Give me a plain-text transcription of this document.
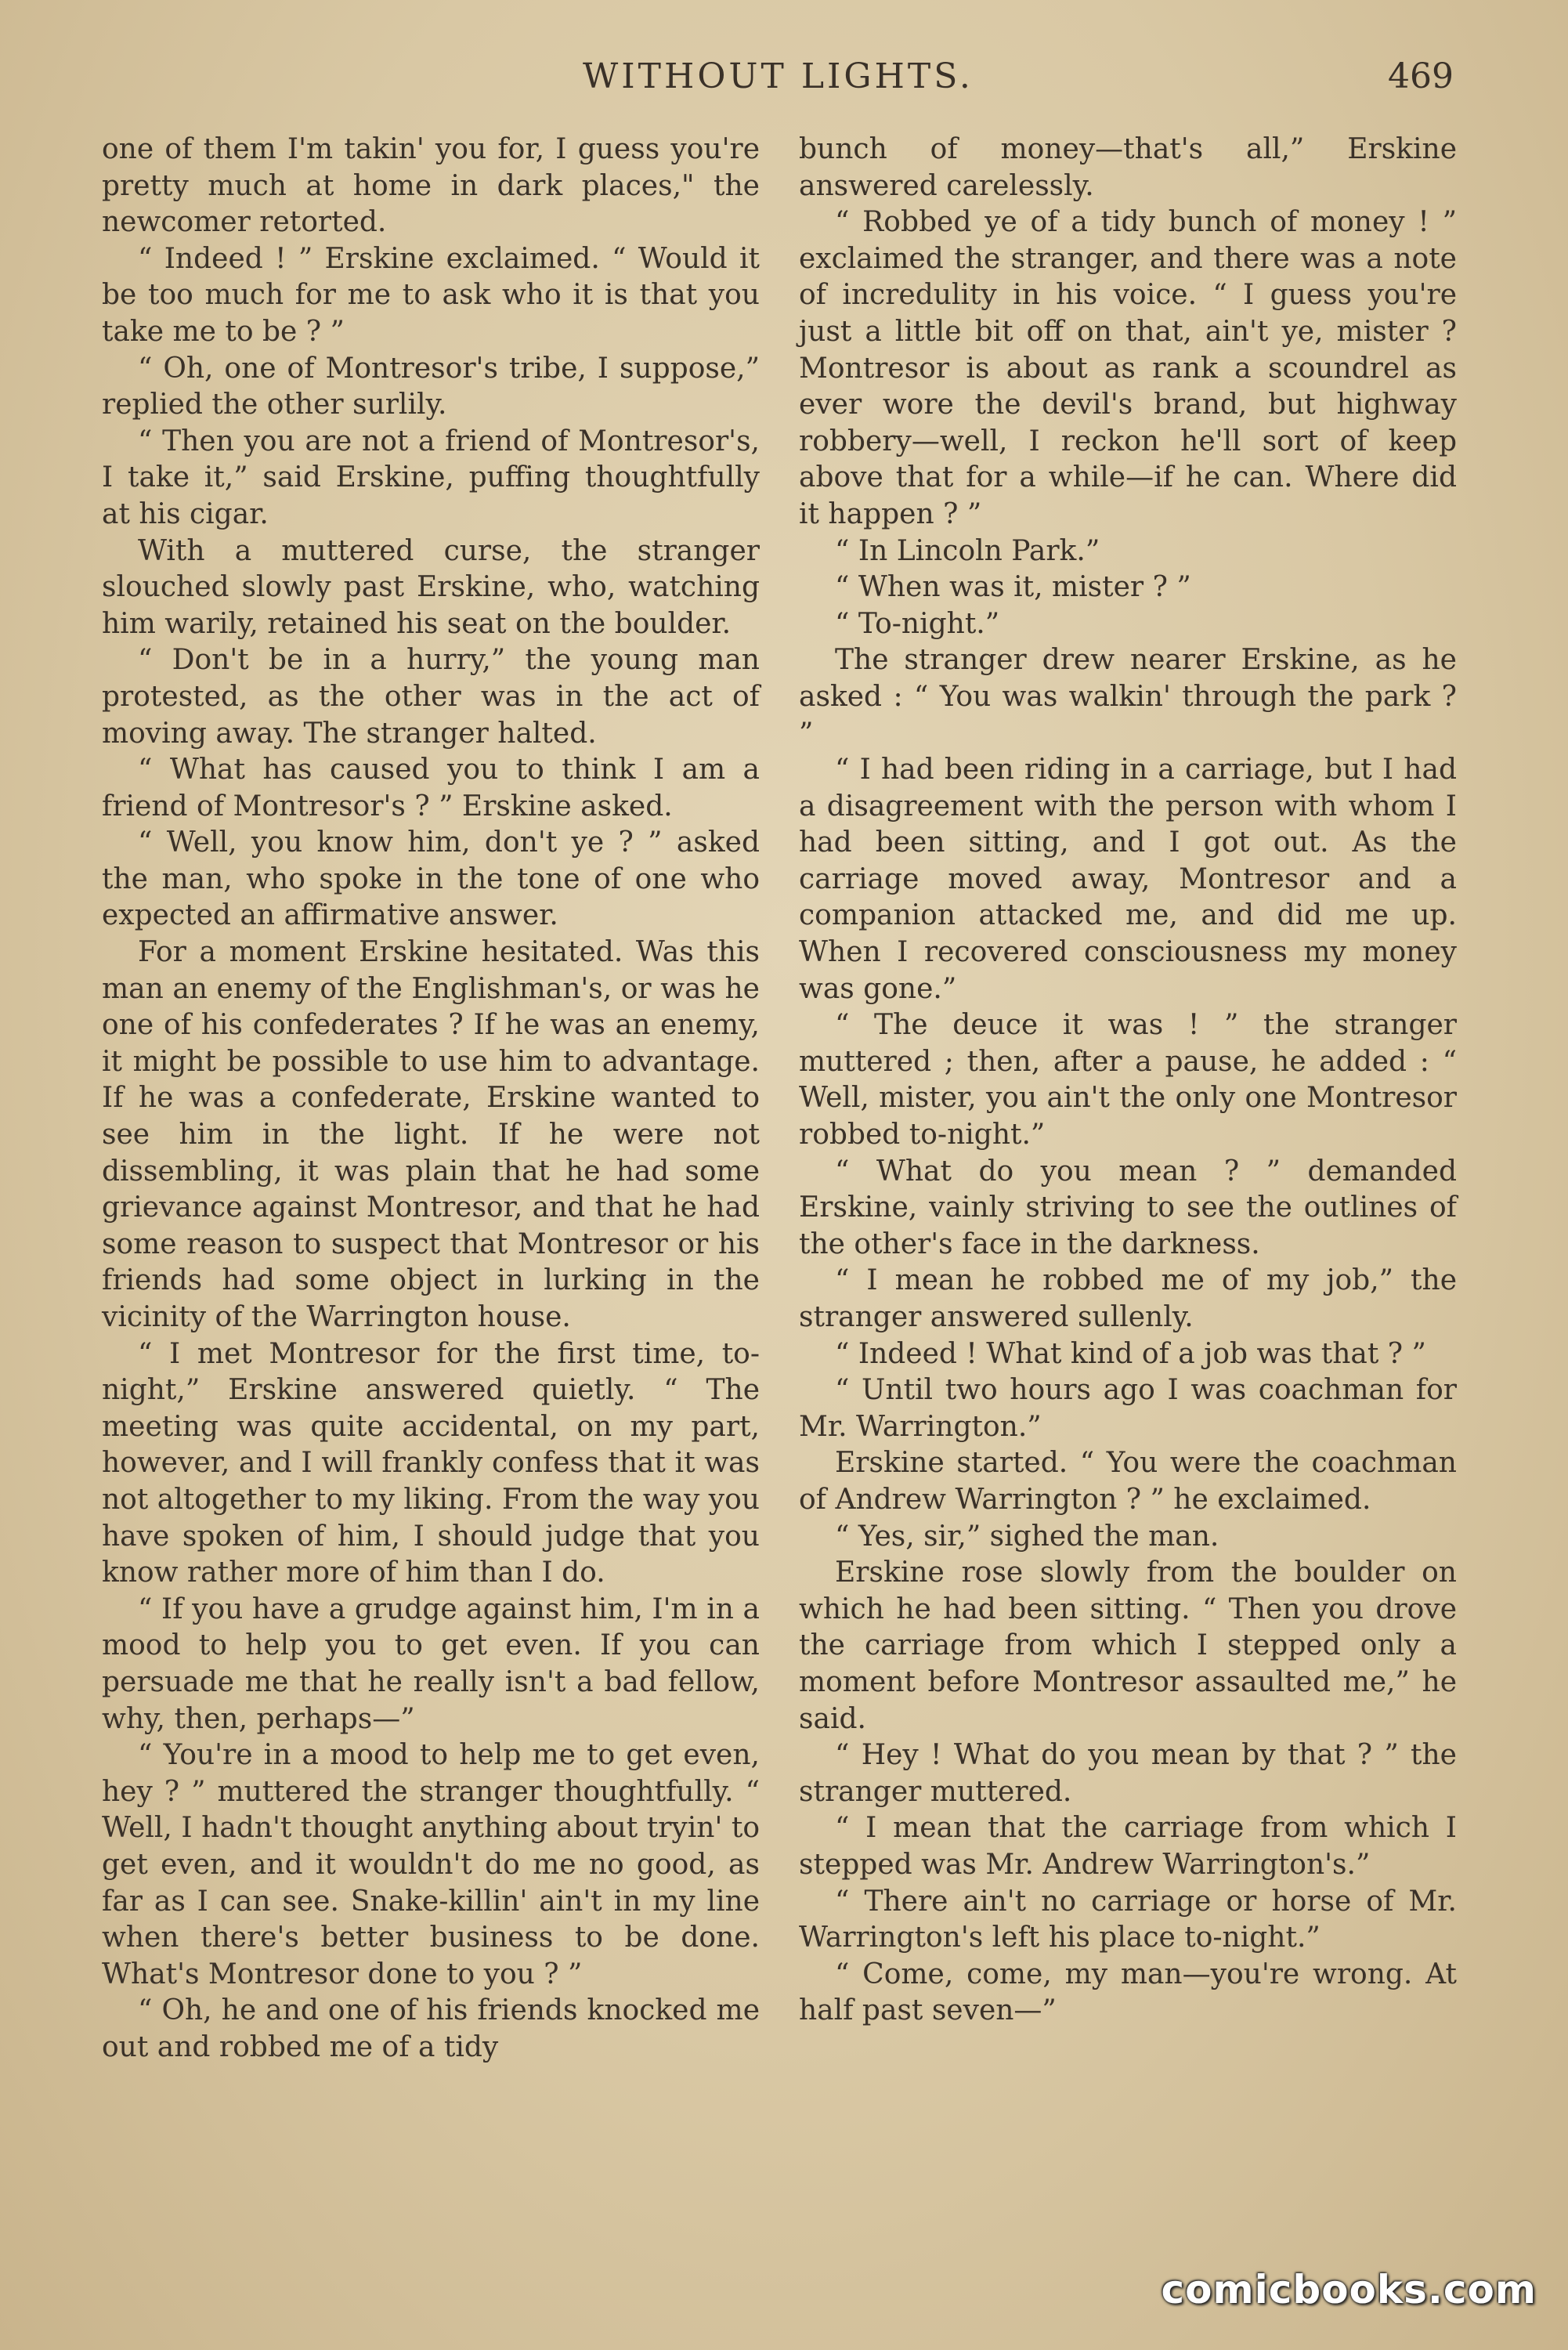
WITHOUT LIGHTS.	469

one of them I'm takin' you for, I guess you're pretty much at home in dark places," the newcomer retorted.

“ Indeed ! ” Erskine exclaimed. “ Would it be too much for me to ask who it is that you take me to be ? ”

“ Oh, one of Montresor's tribe, I suppose,” replied the other surlily.

“ Then you are not a friend of Montresor's, I take it,” said Erskine, puffing thoughtfully at his cigar.

With a muttered curse, the stranger slouched slowly past Erskine, who, watching him warily, retained his seat on the boulder.

“ Don't be in a hurry,” the young man protested, as the other was in the act of moving away. The stranger halted.

“ What has caused you to think I am a friend of Montresor's ? ” Erskine asked.

“ Well, you know him, don't ye ? ” asked the man, who spoke in the tone of one who expected an affirmative answer.

For a moment Erskine hesitated. Was this man an enemy of the Englishman's, or was he one of his confederates ? If he was an enemy, it might be possible to use him to advantage. If he was a confederate, Erskine wanted to see him in the light. If he were not dissembling, it was plain that he had some grievance against Montresor, and that he had some reason to suspect that Montresor or his friends had some object in lurking in the vicinity of the Warrington house.

“ I met Montresor for the first time, to-night,” Erskine answered quietly. “ The meeting was quite accidental, on my part, however, and I will frankly confess that it was not altogether to my liking. From the way you have spoken of him, I should judge that you know rather more of him than I do.

“ If you have a grudge against him, I'm in a mood to help you to get even. If you can persuade me that he really isn't a bad fellow, why, then, perhaps—”

“ You're in a mood to help me to get even, hey ? ” muttered the stranger thoughtfully. “ Well, I hadn't thought anything about tryin' to get even, and it wouldn't do me no good, as far as I can see. Snake-killin' ain't in my line when there's better business to be done. What's Montresor done to you ? ”

“ Oh, he and one of his friends knocked me out and robbed me of a tidy

bunch of money—that's all,” Erskine answered carelessly.

“ Robbed ye of a tidy bunch of money ! ” exclaimed the stranger, and there was a note of incredulity in his voice. “ I guess you're just a little bit off on that, ain't ye, mister ? Montresor is about as rank a scoundrel as ever wore the devil's brand, but highway robbery—well, I reckon he'll sort of keep above that for a while—if he can. Where did it happen ? ”

“ In Lincoln Park.”

“ When was it, mister ? ”

“ To-night.”

The stranger drew nearer Erskine, as he asked : “ You was walkin' through the park ? ”

“ I had been riding in a carriage, but I had a disagreement with the person with whom I had been sitting, and I got out. As the carriage moved away, Montresor and a companion attacked me, and did me up. When I recovered consciousness my money was gone.”

“ The deuce it was ! ” the stranger muttered ; then, after a pause, he added : “ Well, mister, you ain't the only one Montresor robbed to-night.”

“ What do you mean ? ” demanded Erskine, vainly striving to see the outlines of the other's face in the darkness.

“ I mean he robbed me of my job,” the stranger answered sullenly.

“ Indeed ! What kind of a job was that ? ”

“ Until two hours ago I was coachman for Mr. Warrington.”

Erskine started. “ You were the coachman of Andrew Warrington ? ” he exclaimed.

“ Yes, sir,” sighed the man.

Erskine rose slowly from the boulder on which he had been sitting. “ Then you drove the carriage from which I stepped only a moment before Montresor assaulted me,” he said.

“ Hey ! What do you mean by that ? ” the stranger muttered.

“ I mean that the carriage from which I stepped was Mr. Andrew Warrington's.”

“ There ain't no carriage or horse of Mr. Warrington's left his place to-night.”

“ Come, come, my man—you're wrong. At half past seven—”

comicbooks.com
